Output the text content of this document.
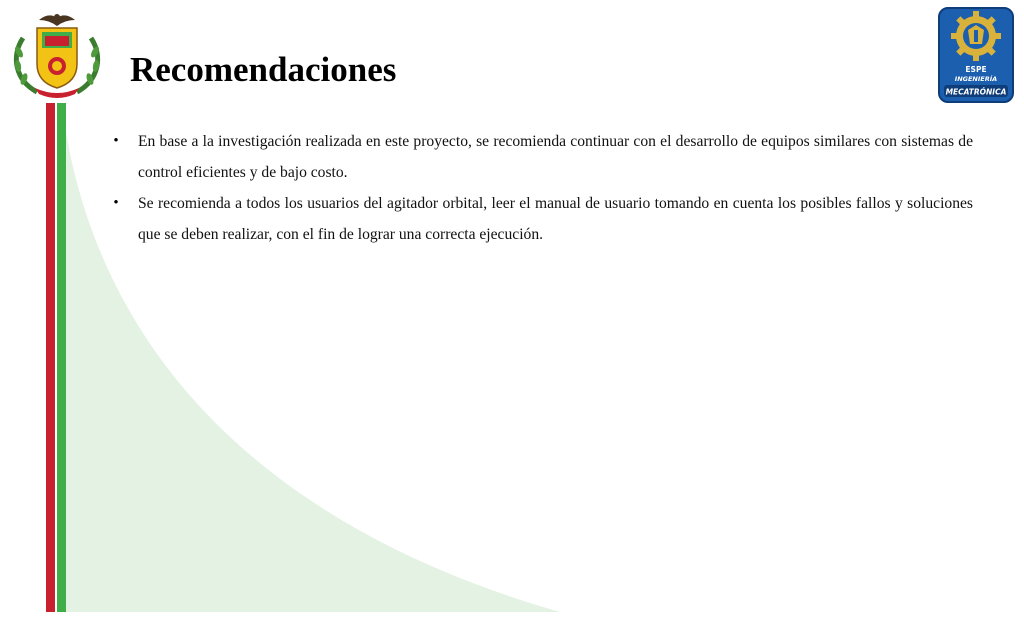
ESPE
INGENIERÍA
MECATRÓNICA
Recomendaciones
• En base a la investigación realizada en este proyecto, se recomienda continuar con el desarrollo de equipos similares con sistemas de control eficientes y de bajo costo.
• Se recomienda a todos los usuarios del agitador orbital, leer el manual de usuario tomando en cuenta los posibles fallos y soluciones que se deben realizar, con el fin de lograr una correcta ejecución.
